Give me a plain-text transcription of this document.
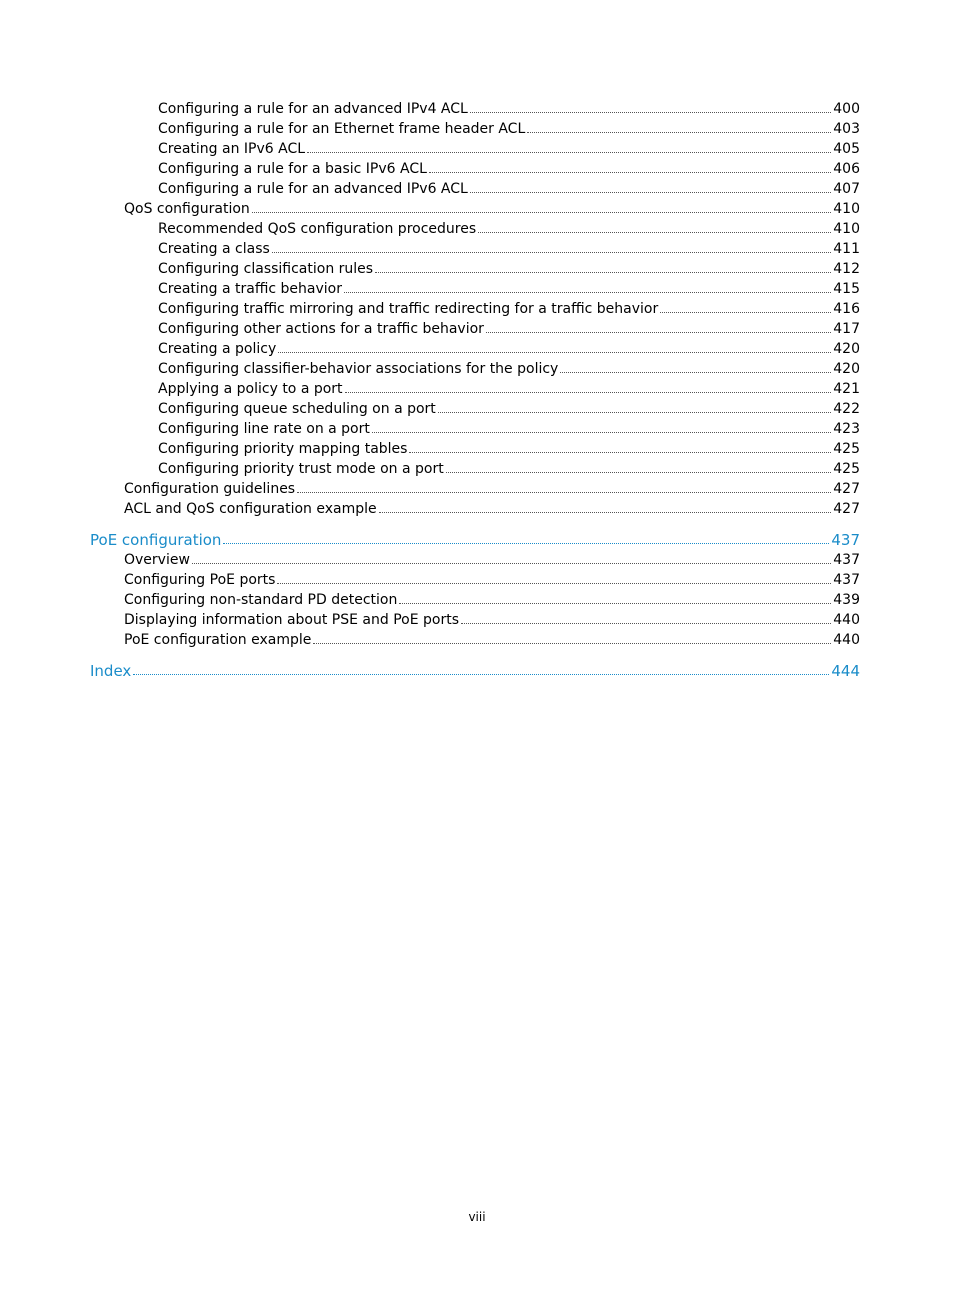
Configuring a rule for an advanced IPv4 ACL	400
Configuring a rule for an Ethernet frame header ACL	403
Creating an IPv6 ACL	405
Configuring a rule for a basic IPv6 ACL	406
Configuring a rule for an advanced IPv6 ACL	407
QoS configuration	410
Recommended QoS configuration procedures	410
Creating a class	411
Configuring classification rules	412
Creating a traffic behavior	415
Configuring traffic mirroring and traffic redirecting for a traffic behavior	416
Configuring other actions for a traffic behavior	417
Creating a policy	420
Configuring classifier-behavior associations for the policy	420
Applying a policy to a port	421
Configuring queue scheduling on a port	422
Configuring line rate on a port	423
Configuring priority mapping tables	425
Configuring priority trust mode on a port	425
Configuration guidelines	427
ACL and QoS configuration example	427
PoE configuration	437
Overview	437
Configuring PoE ports	437
Configuring non-standard PD detection	439
Displaying information about PSE and PoE ports	440
PoE configuration example	440
Index	444
viii
